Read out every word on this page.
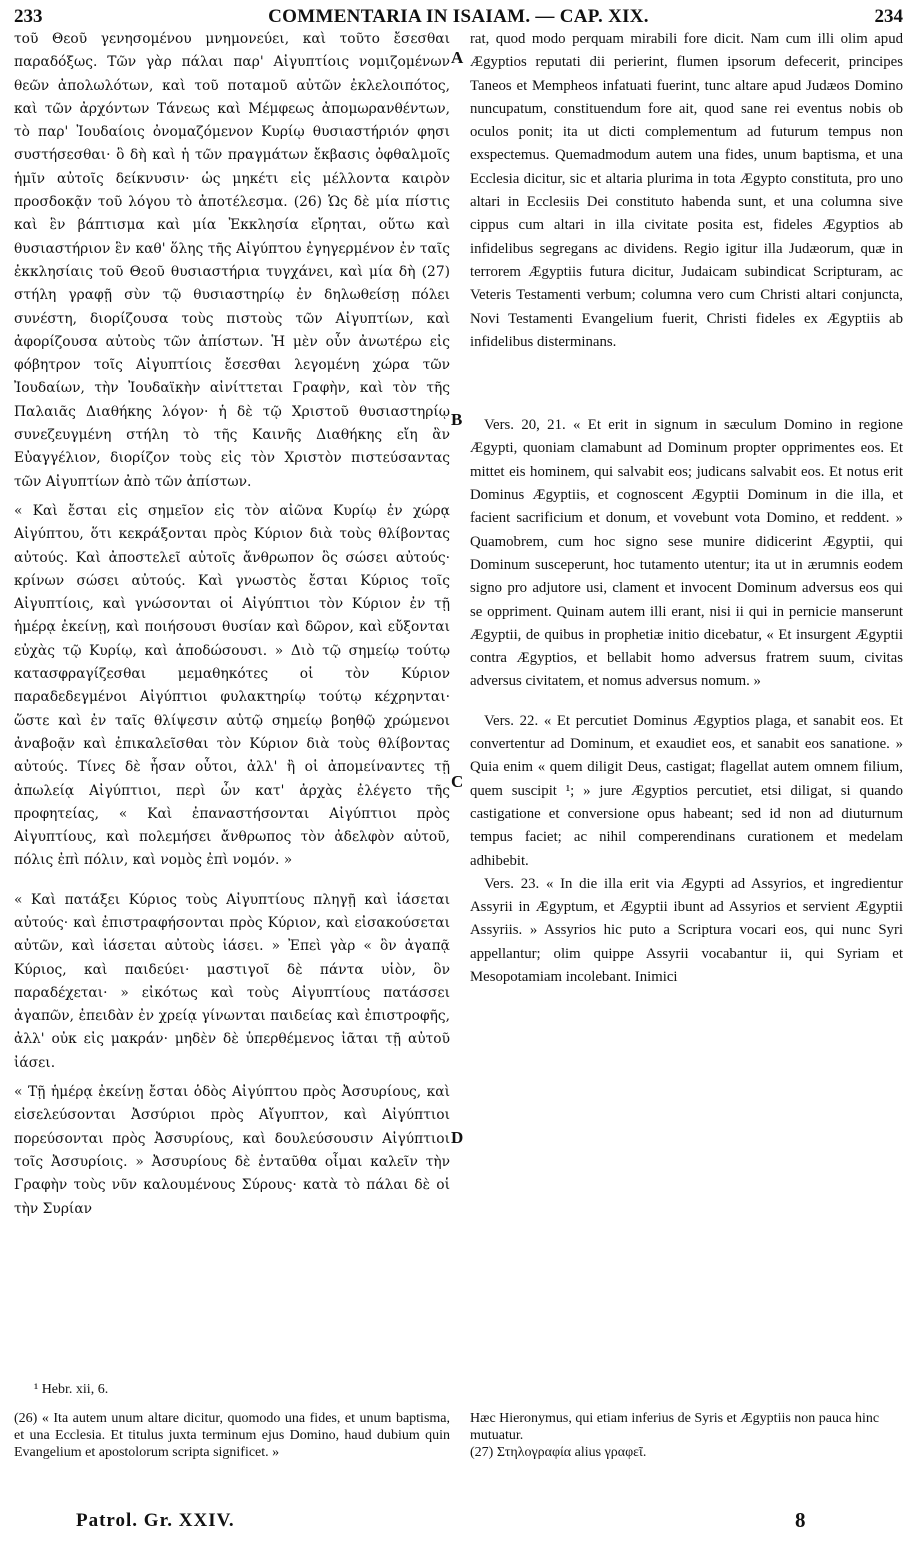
233	COMMENTARIA IN ISAIAM. — CAP. XIX.	234

τοῦ Θεοῦ γενησομένου μνημονεύει, καὶ τοῦτο ἔσεσθαι παραδόξως. Τῶν γὰρ πάλαι παρ' Αἰγυπτίοις νομιζομένων θεῶν ἀπολωλότων, καὶ τοῦ ποταμοῦ αὐτῶν ἐκλελοιπότος, καὶ τῶν ἀρχόντων Τάνεως καὶ Μέμφεως ἀπομωρανθέντων, τὸ παρ' Ἰουδαίοις ὀνομαζόμενον Κυρίῳ θυσιαστήριόν φησι συστήσεσθαι· ὃ δὴ καὶ ἡ τῶν πραγμάτων ἔκβασις ὀφθαλμοῖς ἡμῖν αὐτοῖς δείκνυσιν· ὡς μηκέτι εἰς μέλλοντα καιρὸν προσδοκᾷν τοῦ λόγου τὸ ἀποτέλεσμα. (26) Ὡς δὲ μία πίστις καὶ ἓν βάπτισμα καὶ μία Ἐκκλησία εἴρηται, οὕτω καὶ θυσιαστήριον ἓν καθ' ὅλης τῆς Αἰγύπτου ἐγηγερμένον ἐν ταῖς ἐκκλησίαις τοῦ Θεοῦ θυσιαστήρια τυγχάνει, καὶ μία δὴ (27) στήλη γραφῇ σὺν τῷ θυσιαστηρίῳ ἐν δηλωθείσῃ πόλει συνέστη, διορίζουσα τοὺς πιστοὺς τῶν Αἰγυπτίων, καὶ ἀφορίζουσα αὐτοὺς τῶν ἀπίστων. Ἡ μὲν οὖν ἀνωτέρω εἰς φόβητρον τοῖς Αἰγυπτίοις ἔσεσθαι λεγομένη χώρα τῶν Ἰουδαίων, τὴν Ἰουδαϊκὴν αἰνίττεται Γραφὴν, καὶ τὸν τῆς Παλαιᾶς Διαθήκης λόγον· ἡ δὲ τῷ Χριστοῦ θυσιαστηρίῳ συνεζευγμένη στήλη τὸ τῆς Καινῆς Διαθήκης εἴη ἂν Εὐαγγέλιον, διορίζον τοὺς εἰς τὸν Χριστὸν πιστεύσαντας τῶν Αἰγυπτίων ἀπὸ τῶν ἀπίστων.

« Καὶ ἔσται εἰς σημεῖον εἰς τὸν αἰῶνα Κυρίῳ ἐν χώρᾳ Αἰγύπτου, ὅτι κεκράξονται πρὸς Κύριον διὰ τοὺς θλίβοντας αὐτούς. Καὶ ἀποστελεῖ αὐτοῖς ἄνθρωπον ὃς σώσει αὐτούς· κρίνων σώσει αὐτούς. Καὶ γνωστὸς ἔσται Κύριος τοῖς Αἰγυπτίοις, καὶ γνώσονται οἱ Αἰγύπτιοι τὸν Κύριον ἐν τῇ ἡμέρᾳ ἐκείνῃ, καὶ ποιήσουσι θυσίαν καὶ δῶρον, καὶ εὔξονται εὐχὰς τῷ Κυρίῳ, καὶ ἀποδώσουσι. » Διὸ τῷ σημείῳ τούτῳ κατασφραγίζεσθαι μεμαθηκότες οἱ τὸν Κύριον παραδεδεγμένοι Αἰγύπτιοι φυλακτηρίῳ τούτῳ κέχρηνται· ὥστε καὶ ἐν ταῖς θλίψεσιν αὐτῷ σημείῳ βοηθῷ χρώμενοι ἀναβοᾷν καὶ ἐπικαλεῖσθαι τὸν Κύριον διὰ τοὺς θλίβοντας αὐτούς. Τίνες δὲ ἦσαν οὗτοι, ἀλλ' ἢ οἱ ἀπομείναντες τῇ ἀπωλείᾳ Αἰγύπτιοι, περὶ ὧν κατ' ἀρχὰς ἐλέγετο τῆς προφητείας, « Καὶ ἐπαναστήσονται Αἰγύπτιοι πρὸς Αἰγυπτίους, καὶ πολεμήσει ἄνθρωπος τὸν ἀδελφὸν αὐτοῦ, πόλις ἐπὶ πόλιν, καὶ νομὸς ἐπὶ νομόν. »

« Καὶ πατάξει Κύριος τοὺς Αἰγυπτίους πληγῇ καὶ ἰάσεται αὐτούς· καὶ ἐπιστραφήσονται πρὸς Κύριον, καὶ εἰσακούσεται αὐτῶν, καὶ ἰάσεται αὐτοὺς ἰάσει. » Ἐπεὶ γὰρ « ὃν ἀγαπᾷ Κύριος, καὶ παιδεύει· μαστιγοῖ δὲ πάντα υἱὸν, ὃν παραδέχεται· » εἰκότως καὶ τοὺς Αἰγυπτίους πατάσσει ἀγαπῶν, ἐπειδὰν ἐν χρείᾳ γίνωνται παιδείας καὶ ἐπιστροφῆς, ἀλλ' οὐκ εἰς μακράν· μηδὲν δὲ ὑπερθέμενος ἰᾶται τῇ αὐτοῦ ἰάσει.

« Τῇ ἡμέρᾳ ἐκείνῃ ἔσται ὁδὸς Αἰγύπτου πρὸς Ἀσσυρίους, καὶ εἰσελεύσονται Ἀσσύριοι πρὸς Αἴγυπτον, καὶ Αἰγύπτιοι πορεύσονται πρὸς Ἀσσυρίους, καὶ δουλεύσουσιν Αἰγύπτιοι τοῖς Ἀσσυρίοις. » Ἀσσυρίους δὲ ἐνταῦθα οἶμαι καλεῖν τὴν Γραφὴν τοὺς νῦν καλουμένους Σύρους· κατὰ τὸ πάλαι δὲ οἱ τὴν Συρίαν

A
B
C
D

rat, quod modo perquam mirabili fore dicit. Nam cum illi olim apud Ægyptios reputati dii perierint, flumen ipsorum defecerit, principes Taneos et Memphеos infatuati fuerint, tunc altare apud Judæos Domino nuncupatum, constituendum fore ait, quod sane rei eventus nobis ob oculos ponit; ita ut dicti complementum ad futurum tempus non exspectemus. Quemadmodum autem una fides, unum baptisma, et una Ecclesia dicitur, sic et altaria plurima in tota Ægypto constituta, pro uno altari in Ecclesiis Dei constituto habenda sunt, et una columna sive cippus cum altari in illa civitate posita est, fideles Ægyptios ab infidelibus segregans ac dividens. Regio igitur illa Judæorum, quæ in terrorem Ægyptiis futura dicitur, Judaicam subindicat Scripturam, ac Veteris Testamenti verbum; columna vero cum Christi altari conjuncta, Novi Testamenti Evangelium fuerit, Christi fideles ex Ægyptiis ab infidelibus disterminans.

Vers. 20, 21. « Et erit in signum in sæculum Domino in regione Ægypti, quoniam clamabunt ad Dominum propter opprimentes eos. Et mittet eis hominem, qui salvabit eos; judicans salvabit eos. Et notus erit Dominus Ægyptiis, et cognoscent Ægyptii Dominum in die illa, et facient sacrificium et donum, et vovebunt vota Domino, et reddent. » Quamobrem, cum hoc signo sese munire didicerint Ægyptii, qui Dominum susceperunt, hoc tutamento utentur; ita ut in ærumnis eodem signo pro adjutore usi, clament et invocent Dominum adversus eos qui se opprіment. Quinam autem illi erant, nisi ii qui in pernicie manserunt Ægyptii, de quibus in prophetiæ initio dicebatur, « Et insurgent Ægyptii contra Ægyptios, et bellabit homo adversus fratrem suum, civitas adversus civitatem, et nomus adversus nomum. »

Vers. 22. « Et percutiet Dominus Ægyptios plaga, et sanabit eos. Et convertentur ad Dominum, et exaudiet eos, et sanabit eos sanatione. » Quia enim « quem diligit Deus, castigat; flagellat autem omnem filium, quem suscipit ¹; » jure Ægyptios percutiet, etsi diligat, si quando castigatione et conversione opus habeant; sed id non ad diuturnum tempus faciet; ac nihil comperendinans curationem et medelam adhibebit.

Vers. 23. « In die illa erit via Ægypti ad Assyrios, et ingredientur Assyrii in Ægyptum, et Ægyptii ibunt ad Assyrios et servient Ægyptii Assyriis. » Assyrios hic puto a Scriptura vocari eos, qui nunc Syri appellantur; olim quippe Assyrii vocabantur ii, qui Syriam et Mesopotamiam incolebant. Inimici

¹ Hebr. xii, 6.

(26) « Ita autem unum altare dicitur, quomodo una fides, et unum baptisma, et una Ecclesia. Et titulus juxta terminum ejus Domino, haud dubium quin Evangelium et apostolorum scripta significet. »

Hæc Hieronymus, qui etiam inferius de Syris et Ægyptiis non pauca hinc mutuatur.

(27) Στηλογραφία alius γραφεῖ.

Patrol. Gr. XXIV.	8
